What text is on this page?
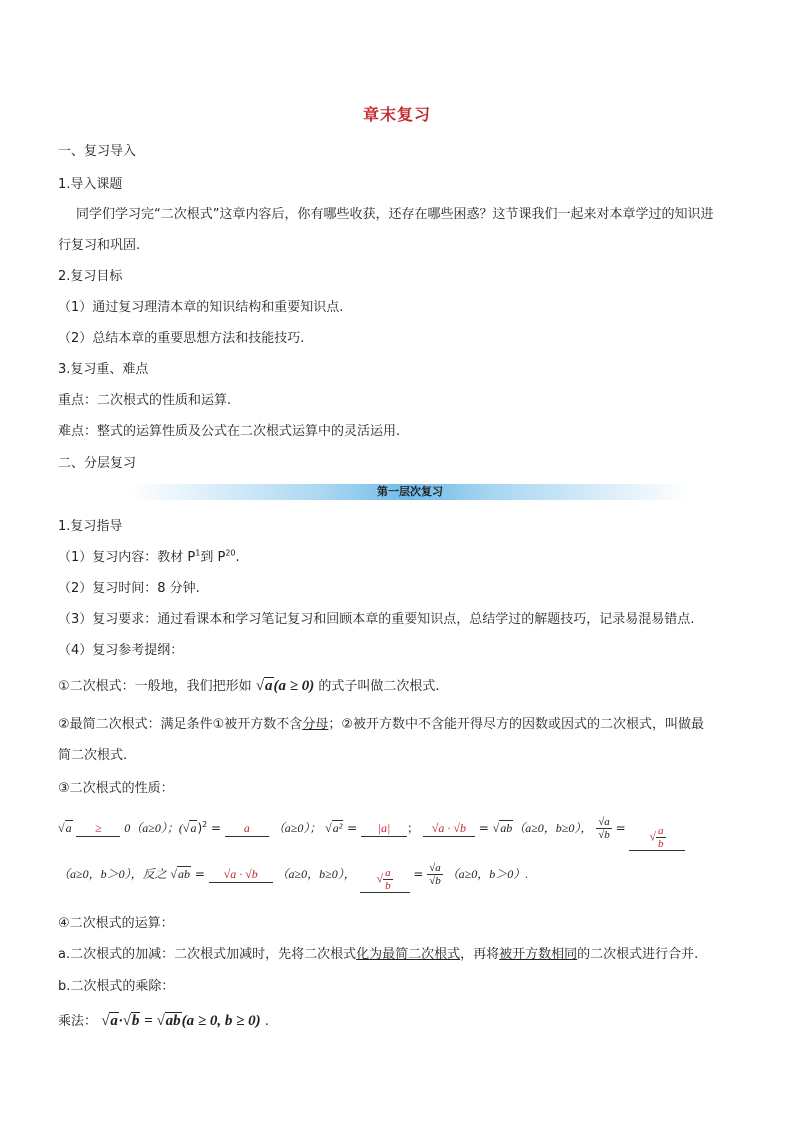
章末复习
一、复习导入
1.导入课题
同学们学习完“二次根式”这章内容后，你有哪些收获，还存在哪些困惑？这节课我们一起来对本章学过的知识进
行复习和巩固.
2.复习目标
（1）通过复习理清本章的知识结构和重要知识点.
（2）总结本章的重要思想方法和技能技巧.
3.复习重、难点
重点：二次根式的性质和运算.
难点：整式的运算性质及公式在二次根式运算中的灵活运用.
二、分层复习
第一层次复习
1.复习指导
（1）复习内容：教材 $P^1$到 $P^{20}$.
（2）复习时间：8 分钟.
（3）复习要求：通过看课本和学习笔记复习和回顾本章的重要知识点，总结学过的解题技巧，记录易混易错点.
（4）复习参考提纲：
①二次根式：一般地，我们把形如 √a(a ≥ 0) 的式子叫做二次根式.
②最简二次根式：满足条件①被开方数不含分母；②被开方数中不含能开得尽方的因数或因式的二次根式，叫做最
简二次根式.
③二次根式的性质：
√a ≥ 0（a≥0）；$(√a)^2 = a$ （a≥0）； √a² = |a| ； √a · √b = √ab（a≥0，b≥0）， $\frac{√a}{√b}$ = √ $\frac{a}{b}$
（a≥0，b＞0），反之 √ab = √a · √b （a≥0，b≥0）， √ $\frac{a}{b} = \frac{√a}{√b} (a\ge 0$，b＞0）.
④二次根式的运算：
a.二次根式的加减：二次根式加减时，先将二次根式化为最简二次根式，再将被开方数相同的二次根式进行合并.
b.二次根式的乘除：
乘法： √a·√b = √ab(a ≥ 0, b ≥ 0) .
